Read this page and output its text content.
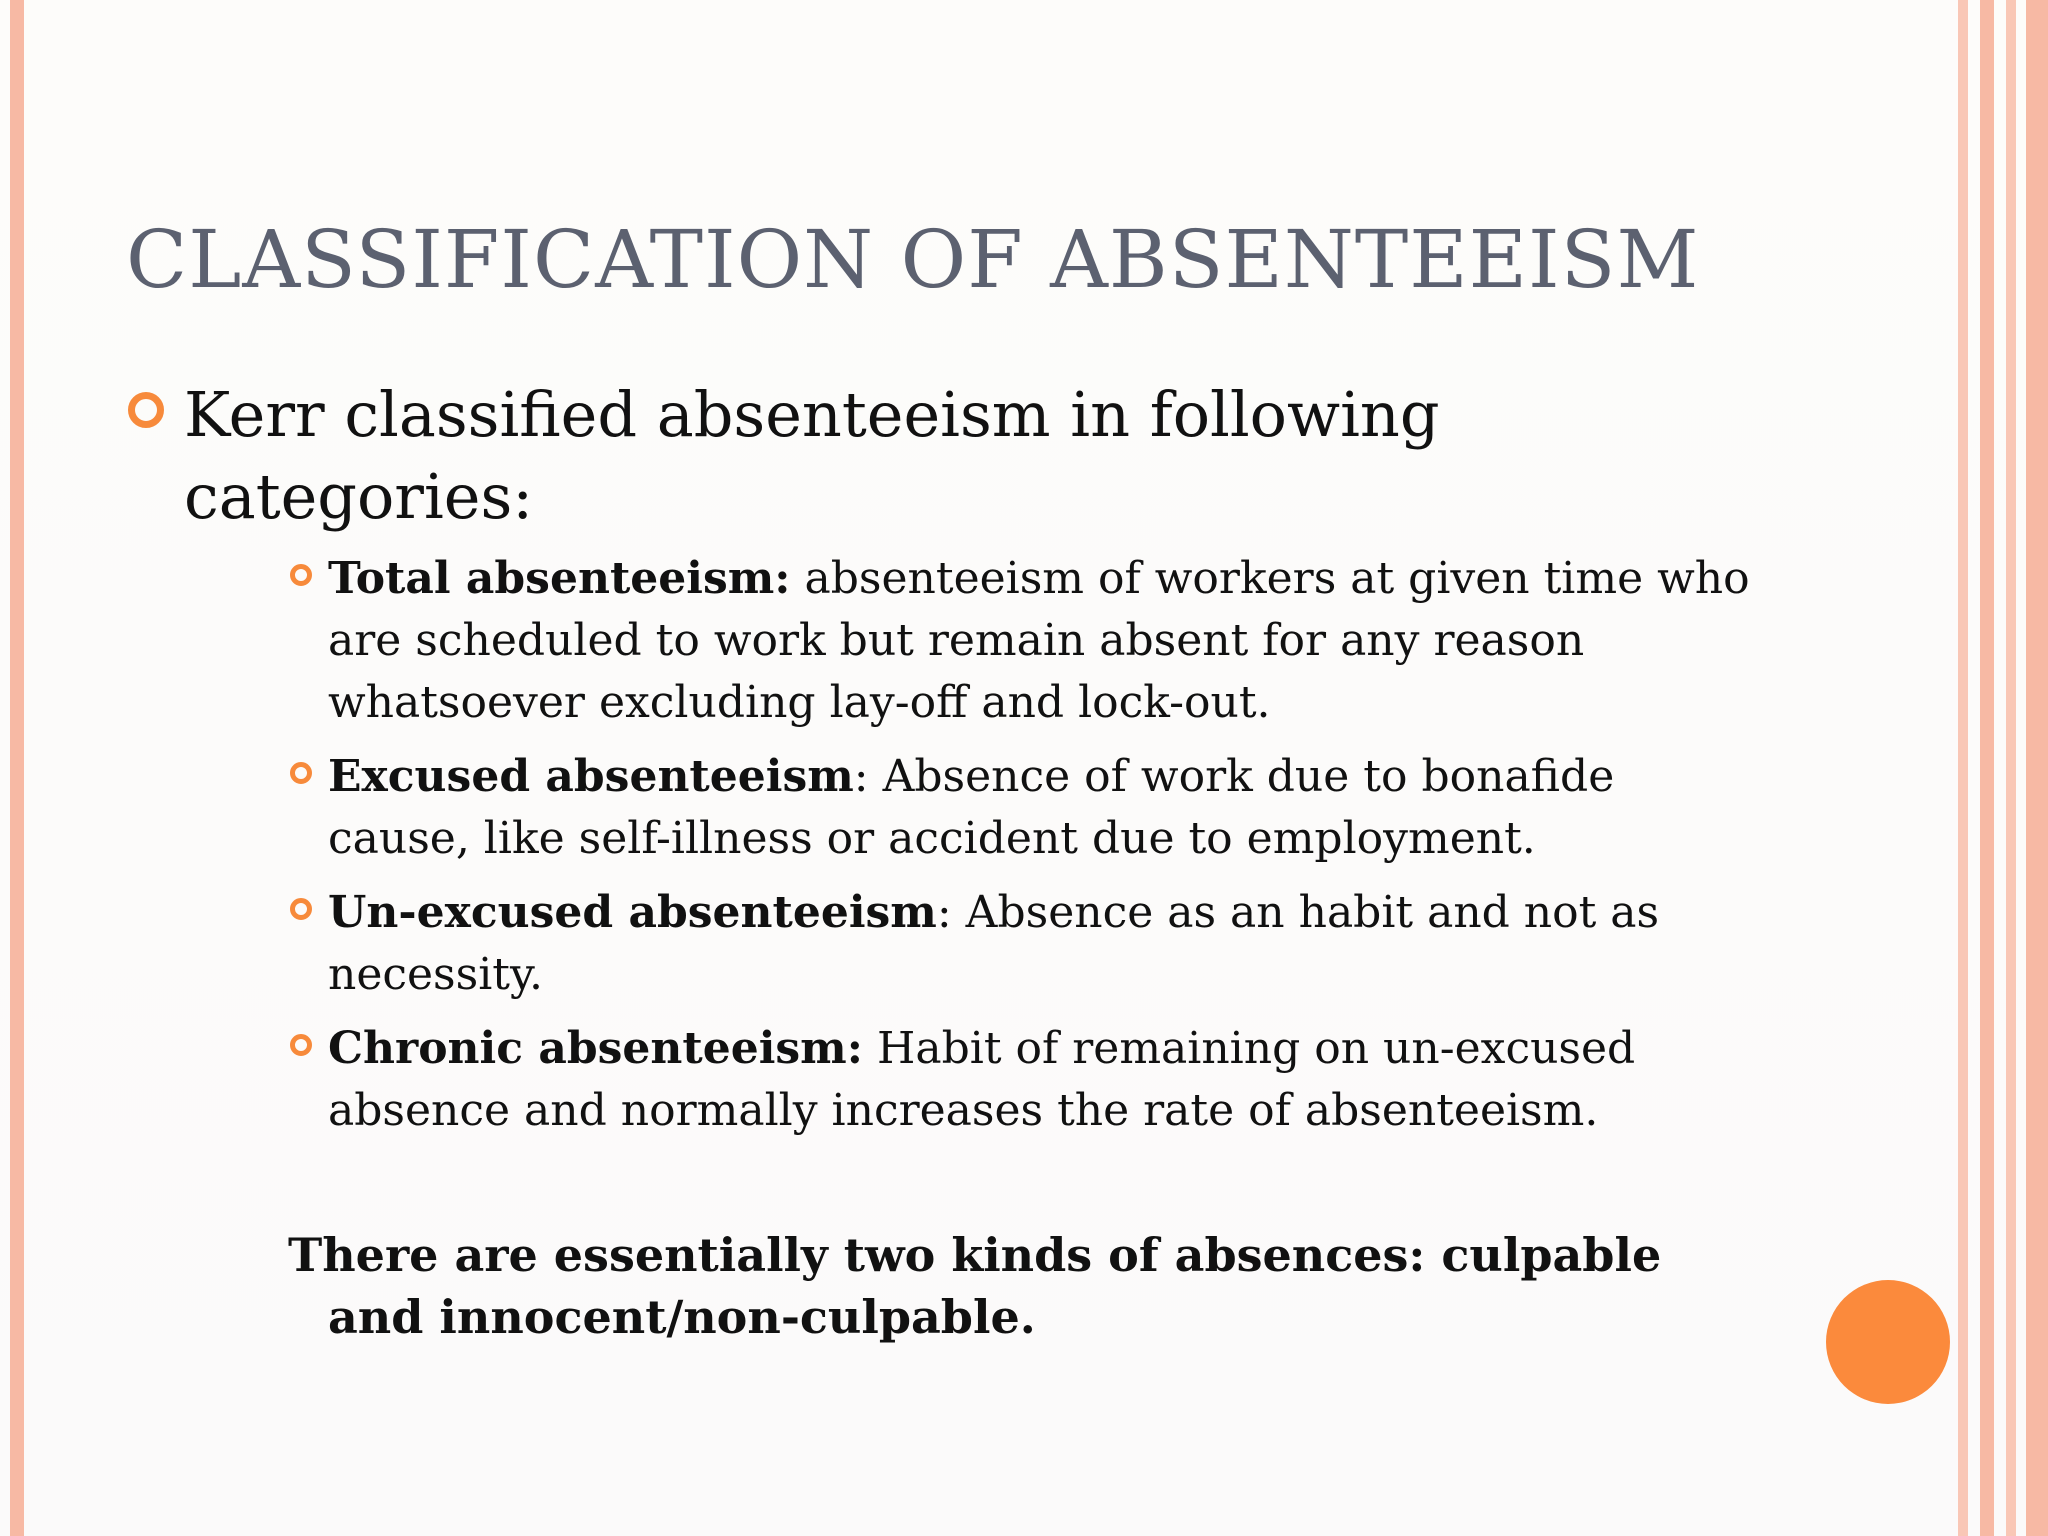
CLASSIFICATION OF ABSENTEEISM
Kerr classified absenteeism in following categories:
Total absenteeism: absenteeism of workers at given time who are scheduled to work but remain absent for any reason whatsoever excluding lay-off and lock-out.
Excused absenteeism: Absence of work due to bonafide cause, like self-illness or accident due to employment.
Un-excused absenteeism: Absence as an habit and not as necessity.
Chronic absenteeism: Habit of remaining on un-excused absence and normally increases the rate of absenteeism.
There are essentially two kinds of absences: culpable and innocent/non-culpable.
